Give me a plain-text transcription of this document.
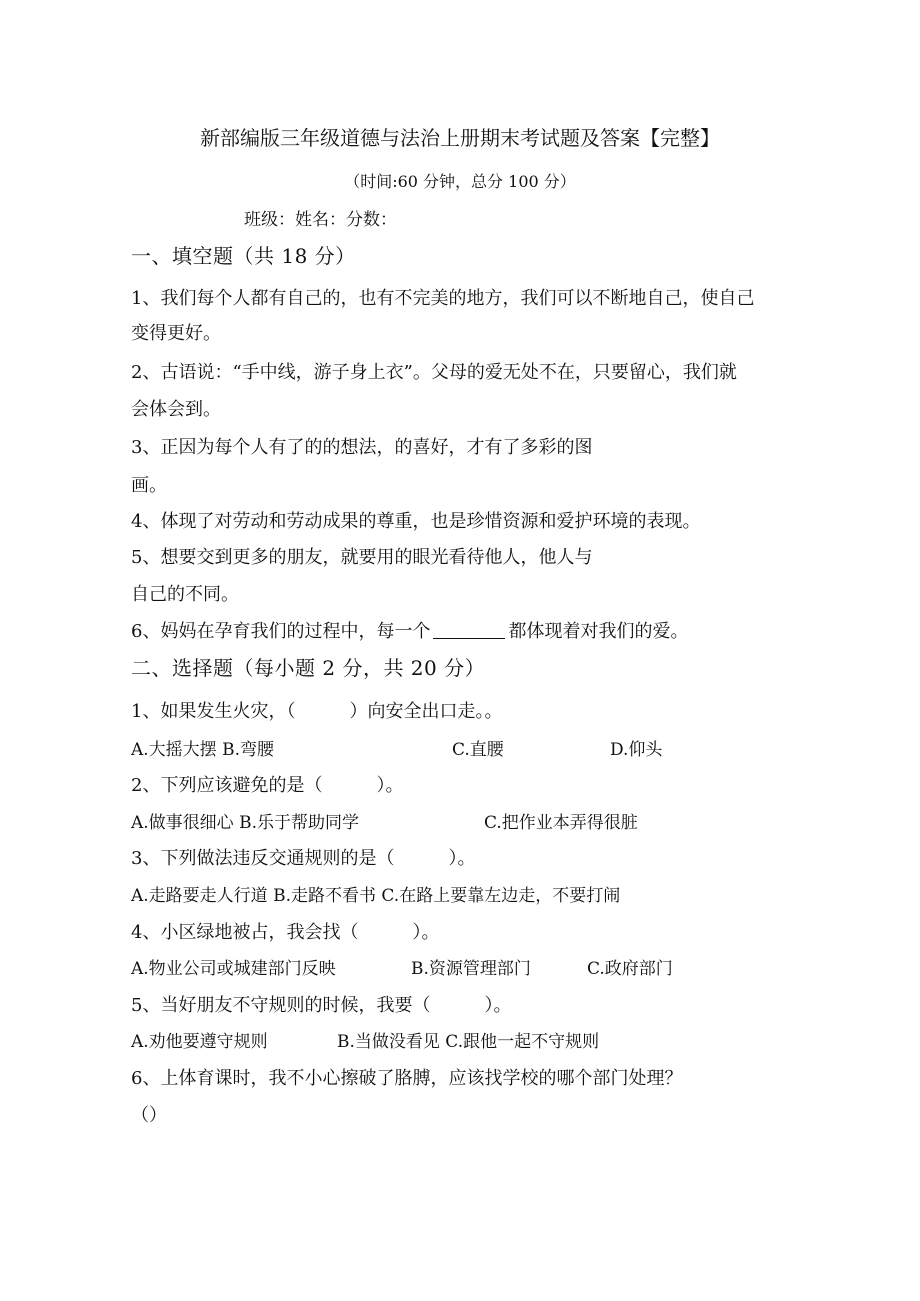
新部编版三年级道德与法治上册期末考试题及答案【完整】
（时间:60 分钟，总分 100 分）
班级：姓名：分数：
一、填空题（共 18 分）
1、我们每个人都有自己的，也有不完美的地方，我们可以不断地自己，使自己
变得更好。
2、古语说：“手中线，游子身上衣”。父母的爱无处不在，只要留心，我们就
会体会到。
3、正因为每个人有了的的想法，的喜好，才有了多彩的图
画。
4、体现了对劳动和劳动成果的尊重，也是珍惜资源和爱护环境的表现。
5、想要交到更多的朋友，就要用的眼光看待他人，他人与
自己的不同。
6、妈妈在孕育我们的过程中，每一个	都体现着对我们的爱。
二、选择题（每小题 2 分，共 20 分）
1、如果发生火灾，（　　　）向安全出口走。。
A.大摇大摆 B.弯腰	C.直腰	D.仰头
2、下列应该避免的是（　　　）。
A.做事很细心 B.乐于帮助同学	C.把作业本弄得很脏
3、下列做法违反交通规则的是（　　　）。
A.走路要走人行道 B.走路不看书 C.在路上要靠左边走，不要打闹
4、小区绿地被占，我会找（　　　）。
A.物业公司或城建部门反映	B.资源管理部门	C.政府部门
5、当好朋友不守规则的时候，我要（　　　）。
A.劝他要遵守规则	B.当做没看见 C.跟他一起不守规则
6、上体育课时，我不小心擦破了胳膊，应该找学校的哪个部门处理？
（）
